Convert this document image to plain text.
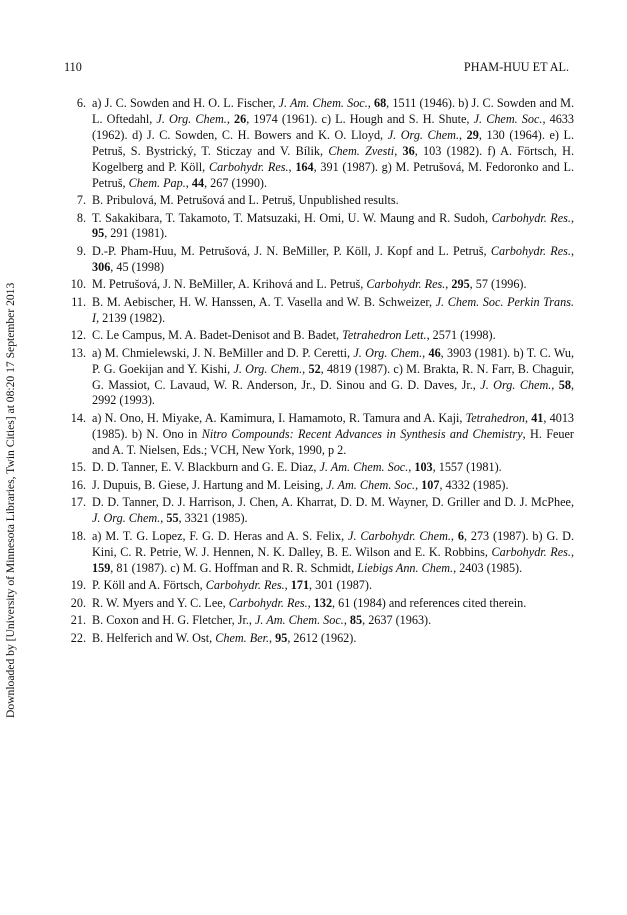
110	PHAM-HUU ET AL.
6. a) J. C. Sowden and H. O. L. Fischer, J. Am. Chem. Soc., 68, 1511 (1946). b) J. C. Sowden and M. L. Oftedahl, J. Org. Chem., 26, 1974 (1961). c) L. Hough and S. H. Shute, J. Chem. Soc., 4633 (1962). d) J. C. Sowden, C. H. Bowers and K. O. Lloyd, J. Org. Chem., 29, 130 (1964). e) L. Petruš, S. Bystrický, T. Sticzay and V. Bílik, Chem. Zvesti, 36, 103 (1982). f) A. Förtsch, H. Kogelberg and P. Köll, Carbohydr. Res., 164, 391 (1987). g) M. Petrušová, M. Fedoronko and L. Petruš, Chem. Pap., 44, 267 (1990).
7. B. Pribulová, M. Petrušová and L. Petruš, Unpublished results.
8. T. Sakakibara, T. Takamoto, T. Matsuzaki, H. Omi, U. W. Maung and R. Sudoh, Carbohydr. Res., 95, 291 (1981).
9. D.-P. Pham-Huu, M. Petrušová, J. N. BeMiller, P. Köll, J. Kopf and L. Petruš, Carbohydr. Res., 306, 45 (1998)
10. M. Petrušová, J. N. BeMiller, A. Krihová and L. Petruš, Carbohydr. Res., 295, 57 (1996).
11. B. M. Aebischer, H. W. Hanssen, A. T. Vasella and W. B. Schweizer, J. Chem. Soc. Perkin Trans. I, 2139 (1982).
12. C. Le Campus, M. A. Badet-Denisot and B. Badet, Tetrahedron Lett., 2571 (1998).
13. a) M. Chmielewski, J. N. BeMiller and D. P. Ceretti, J. Org. Chem., 46, 3903 (1981). b) T. C. Wu, P. G. Goekijan and Y. Kishi, J. Org. Chem., 52, 4819 (1987). c) M. Brakta, R. N. Farr, B. Chaguir, G. Massiot, C. Lavaud, W. R. Anderson, Jr., D. Sinou and G. D. Daves, Jr., J. Org. Chem., 58, 2992 (1993).
14. a) N. Ono, H. Miyake, A. Kamimura, I. Hamamoto, R. Tamura and A. Kaji, Tetrahedron, 41, 4013 (1985). b) N. Ono in Nitro Compounds: Recent Advances in Synthesis and Chemistry, H. Feuer and A. T. Nielsen, Eds.; VCH, New York, 1990, p 2.
15. D. D. Tanner, E. V. Blackburn and G. E. Diaz, J. Am. Chem. Soc., 103, 1557 (1981).
16. J. Dupuis, B. Giese, J. Hartung and M. Leising, J. Am. Chem. Soc., 107, 4332 (1985).
17. D. D. Tanner, D. J. Harrison, J. Chen, A. Kharrat, D. D. M. Wayner, D. Griller and D. J. McPhee, J. Org. Chem., 55, 3321 (1985).
18. a) M. T. G. Lopez, F. G. D. Heras and A. S. Felix, J. Carbohydr. Chem., 6, 273 (1987). b) G. D. Kini, C. R. Petrie, W. J. Hennen, N. K. Dalley, B. E. Wilson and E. K. Robbins, Carbohydr. Res., 159, 81 (1987). c) M. G. Hoffman and R. R. Schmidt, Liebigs Ann. Chem., 2403 (1985).
19. P. Köll and A. Förtsch, Carbohydr. Res., 171, 301 (1987).
20. R. W. Myers and Y. C. Lee, Carbohydr. Res., 132, 61 (1984) and references cited therein.
21. B. Coxon and H. G. Fletcher, Jr., J. Am. Chem. Soc., 85, 2637 (1963).
22. B. Helferich and W. Ost, Chem. Ber., 95, 2612 (1962).
Downloaded by [University of Minnesota Libraries, Twin Cities] at 08:20 17 September 2013
